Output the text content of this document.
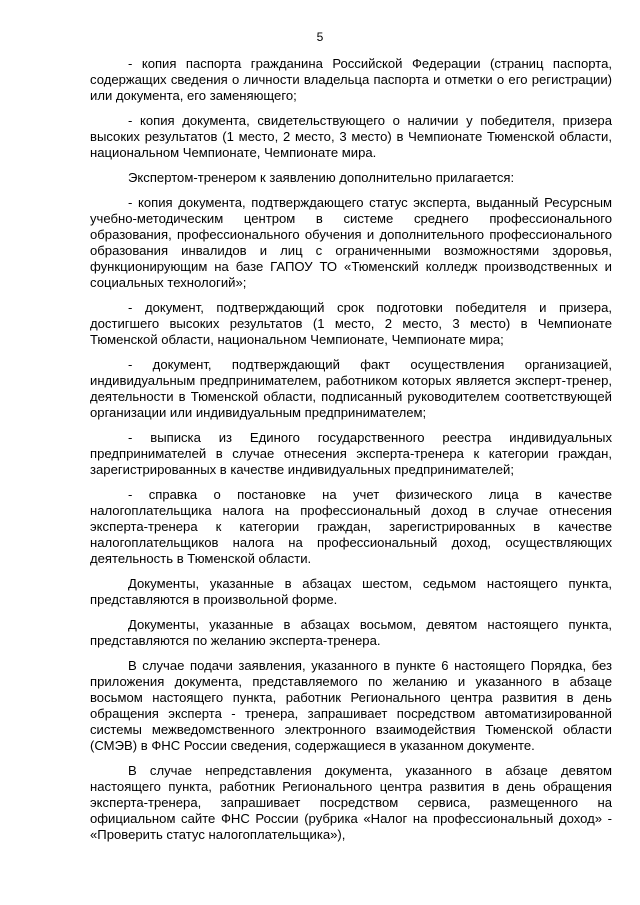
5

- копия паспорта гражданина Российской Федерации (страниц паспорта, содержащих сведения о личности владельца паспорта и отметки о его регистрации) или документа, его заменяющего;

- копия документа, свидетельствующего о наличии у победителя, призера высоких результатов (1 место, 2 место, 3 место) в Чемпионате Тюменской области, национальном Чемпионате, Чемпионате мира.

Экспертом-тренером к заявлению дополнительно прилагается:

- копия документа, подтверждающего статус эксперта, выданный Ресурсным учебно-методическим центром в системе среднего профессионального образования, профессионального обучения и дополнительного профессионального образования инвалидов и лиц с ограниченными возможностями здоровья, функционирующим на базе ГАПОУ ТО «Тюменский колледж производственных и социальных технологий»;

- документ, подтверждающий срок подготовки победителя и призера, достигшего высоких результатов (1 место, 2 место, 3 место) в Чемпионате Тюменской области, национальном Чемпионате, Чемпионате мира;

- документ, подтверждающий факт осуществления организацией, индивидуальным предпринимателем, работником которых является эксперт-тренер, деятельности в Тюменской области, подписанный руководителем соответствующей организации или индивидуальным предпринимателем;

- выписка из Единого государственного реестра индивидуальных предпринимателей в случае отнесения эксперта-тренера к категории граждан, зарегистрированных в качестве индивидуальных предпринимателей;

- справка о постановке на учет физического лица в качестве налогоплательщика налога на профессиональный доход в случае отнесения эксперта-тренера к категории граждан, зарегистрированных в качестве налогоплательщиков налога на профессиональный доход, осуществляющих деятельность в Тюменской области.

Документы, указанные в абзацах шестом, седьмом настоящего пункта, представляются в произвольной форме.

Документы, указанные в абзацах восьмом, девятом настоящего пункта, представляются по желанию эксперта-тренера.

В случае подачи заявления, указанного в пункте 6 настоящего Порядка, без приложения документа, представляемого по желанию и указанного в абзаце восьмом настоящего пункта, работник Регионального центра развития в день обращения эксперта - тренера, запрашивает посредством автоматизированной системы межведомственного электронного взаимодействия Тюменской области (СМЭВ) в ФНС России сведения, содержащиеся в указанном документе.

В случае непредставления документа, указанного в абзаце девятом настоящего пункта, работник Регионального центра развития в день обращения эксперта-тренера, запрашивает посредством сервиса, размещенного на официальном сайте ФНС России (рубрика «Налог на профессиональный доход» - «Проверить статус налогоплательщика»),
